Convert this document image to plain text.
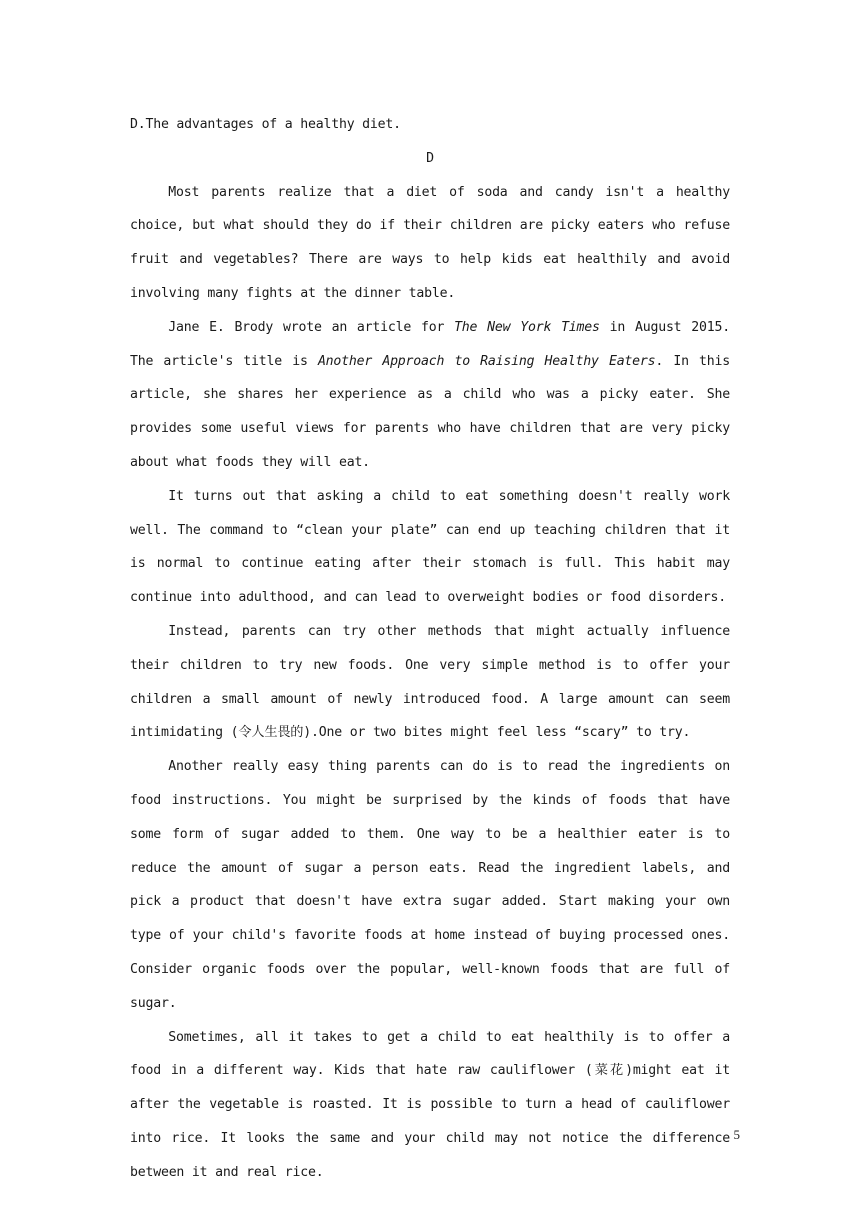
D.The advantages of a healthy diet.

D

Most parents realize that a diet of soda and candy isn't a healthy choice, but what should they do if their children are picky eaters who refuse fruit and vegetables? There are ways to help kids eat healthily and avoid involving many fights at the dinner table.

Jane E. Brody wrote an article for The New York Times in August 2015. The article's title is Another Approach to Raising Healthy Eaters. In this article, she shares her experience as a child who was a picky eater. She provides some useful views for parents who have children that are very picky about what foods they will eat.

It turns out that asking a child to eat something doesn't really work well. The command to “clean your plate” can end up teaching children that it is normal to continue eating after their stomach is full. This habit may continue into adulthood, and can lead to overweight bodies or food disorders.

Instead, parents can try other methods that might actually influence their children to try new foods. One very simple method is to offer your children a small amount of newly introduced food. A large amount can seem intimidating (令人生畏的).One or two bites might feel less “scary” to try.

Another really easy thing parents can do is to read the ingredients on food instructions. You might be surprised by the kinds of foods that have some form of sugar added to them. One way to be a healthier eater is to reduce the amount of sugar a person eats. Read the ingredient labels, and pick a product that doesn't have extra sugar added. Start making your own type of your child's favorite foods at home instead of buying processed ones. Consider organic foods over the popular, well-known foods that are full of sugar.

Sometimes, all it takes to get a child to eat healthily is to offer a food in a different way. Kids that hate raw cauliflower (菜花)might eat it after the vegetable is roasted. It is possible to turn a head of cauliflower into rice. It looks the same and your child may not notice the difference between it and real rice.

5
